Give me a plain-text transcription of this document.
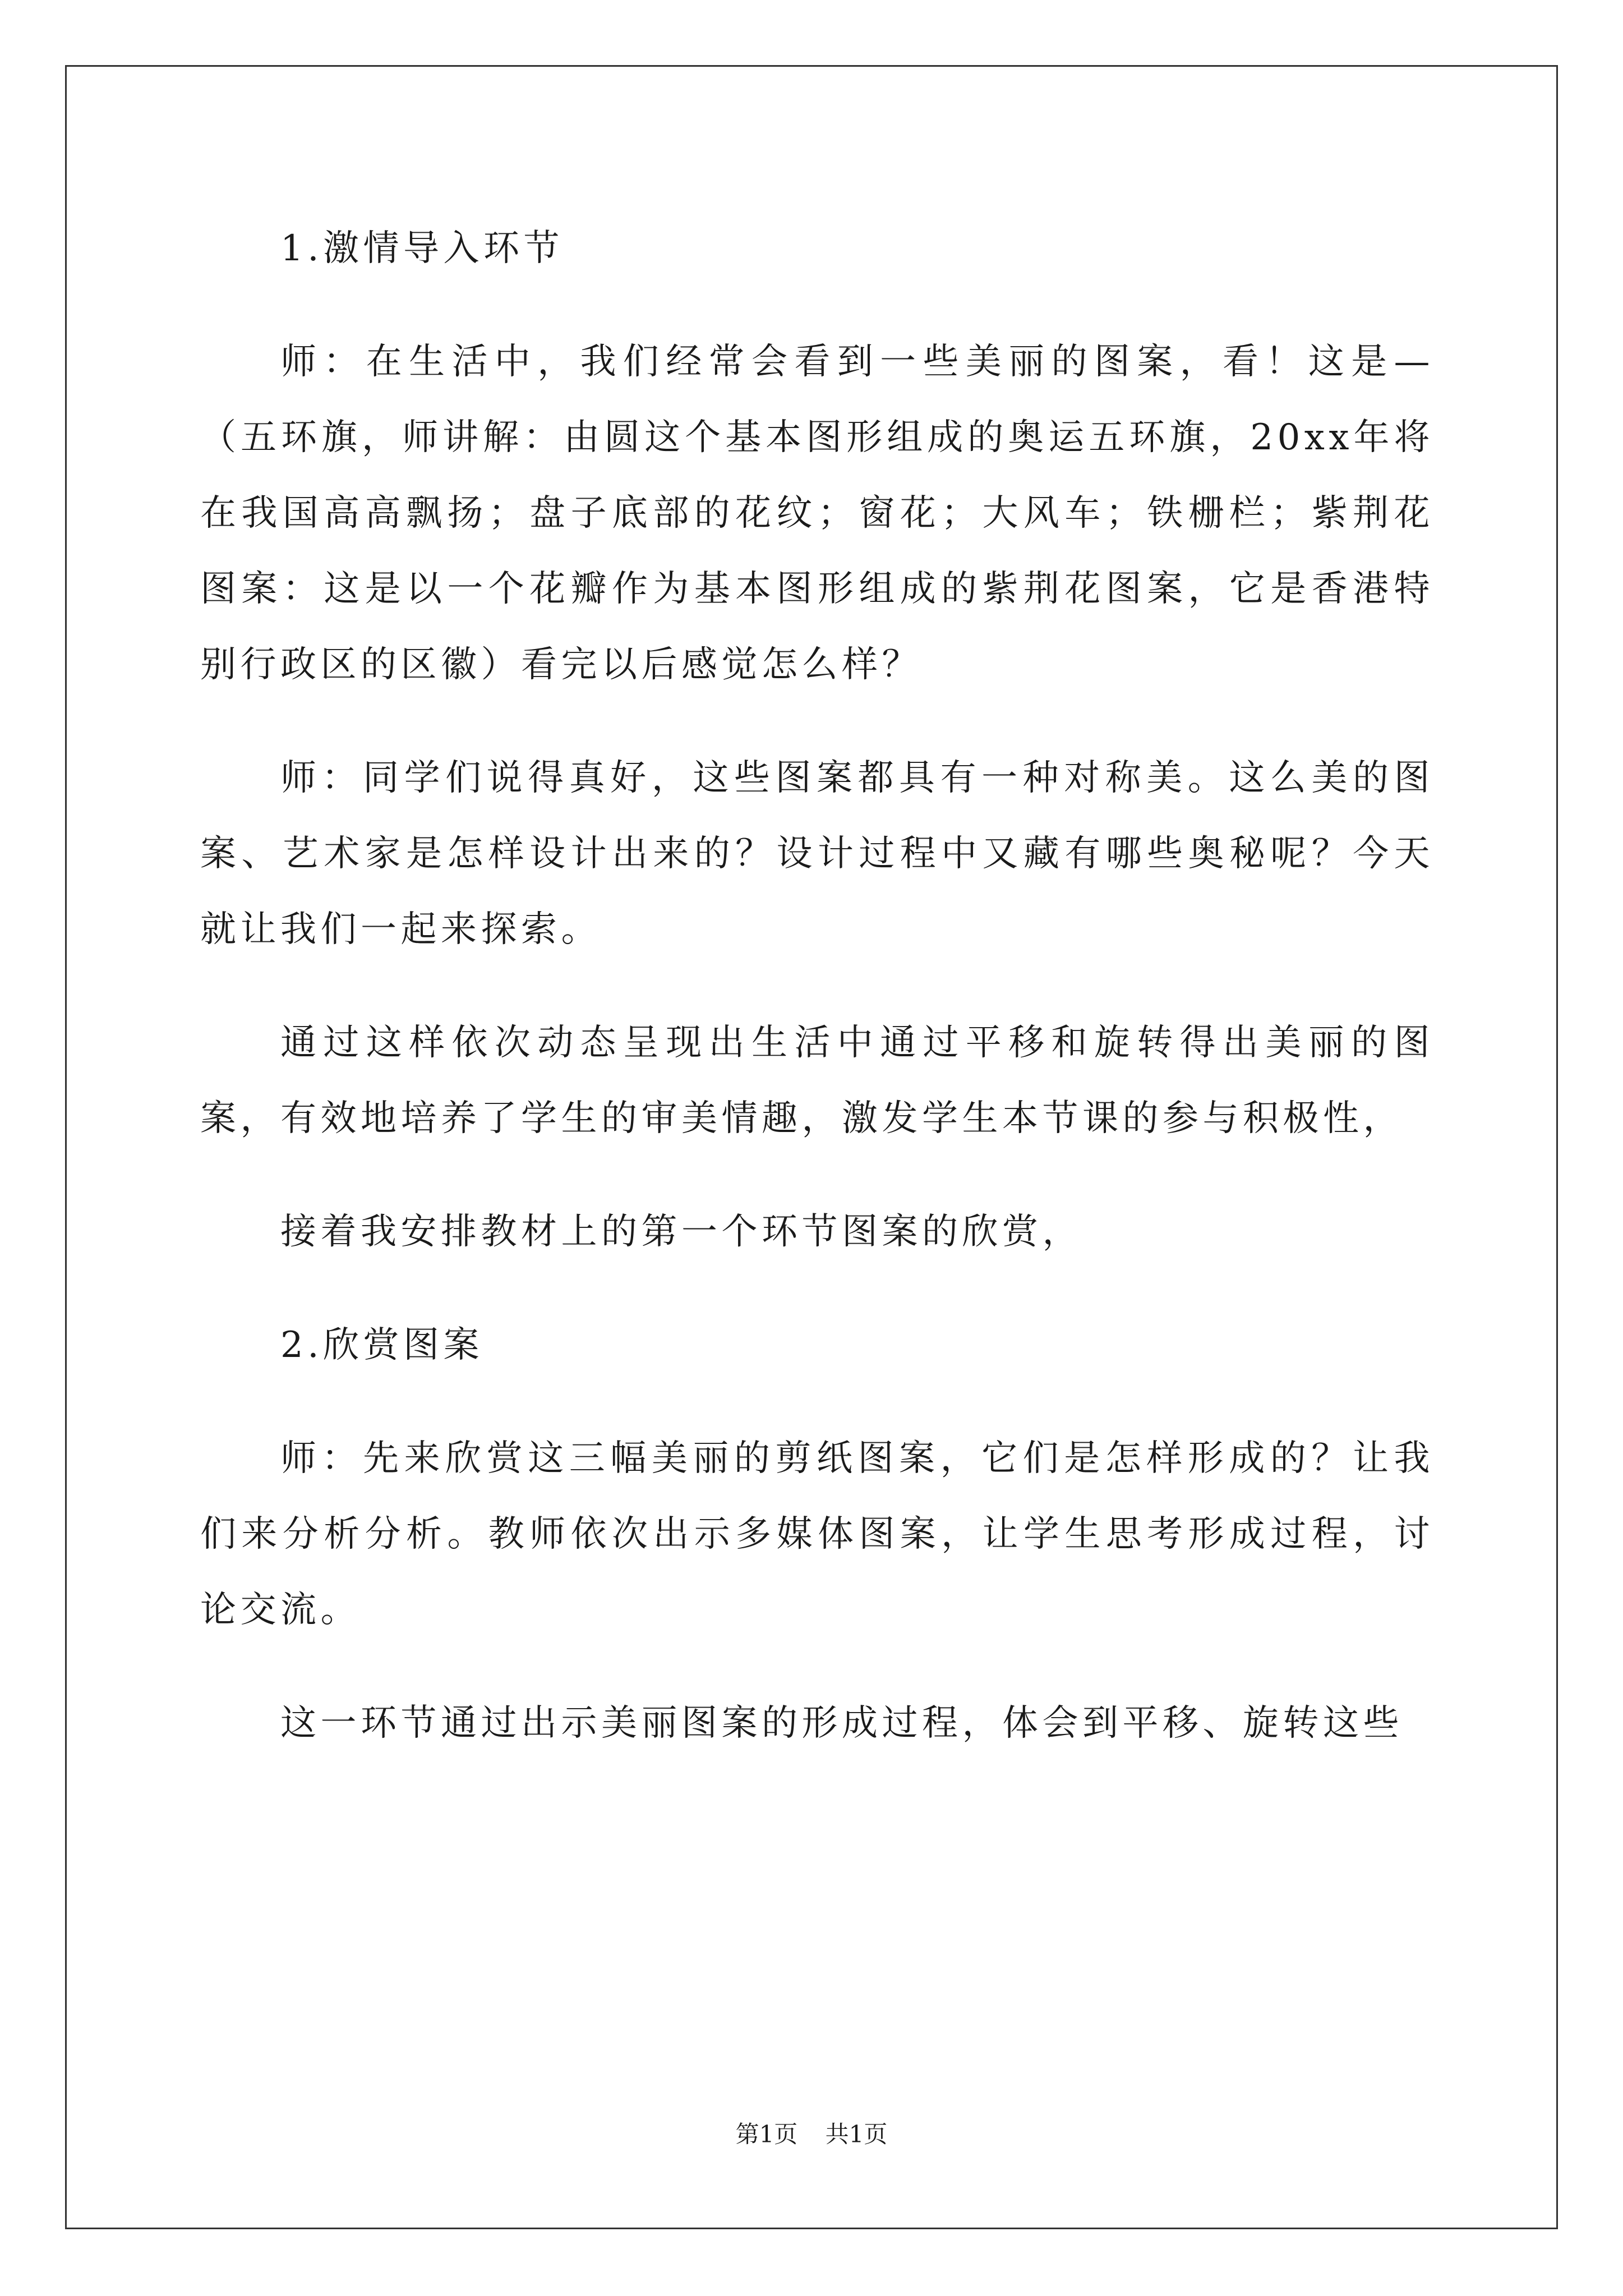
1.激情导入环节

师：在生活中，我们经常会看到一些美丽的图案，看！这是—（五环旗，师讲解：由圆这个基本图形组成的奥运五环旗，20xx年将在我国高高飘扬；盘子底部的花纹；窗花；大风车；铁栅栏；紫荆花图案：这是以一个花瓣作为基本图形组成的紫荆花图案，它是香港特别行政区的区徽）看完以后感觉怎么样？

师：同学们说得真好，这些图案都具有一种对称美。这么美的图案、艺术家是怎样设计出来的？设计过程中又藏有哪些奥秘呢？今天就让我们一起来探索。

通过这样依次动态呈现出生活中通过平移和旋转得出美丽的图案，有效地培养了学生的审美情趣，激发学生本节课的参与积极性，

接着我安排教材上的第一个环节图案的欣赏，

2.欣赏图案

师：先来欣赏这三幅美丽的剪纸图案，它们是怎样形成的？让我们来分析分析。教师依次出示多媒体图案，让学生思考形成过程，讨论交流。

这一环节通过出示美丽图案的形成过程，体会到平移、旋转这些

第1页 共1页
